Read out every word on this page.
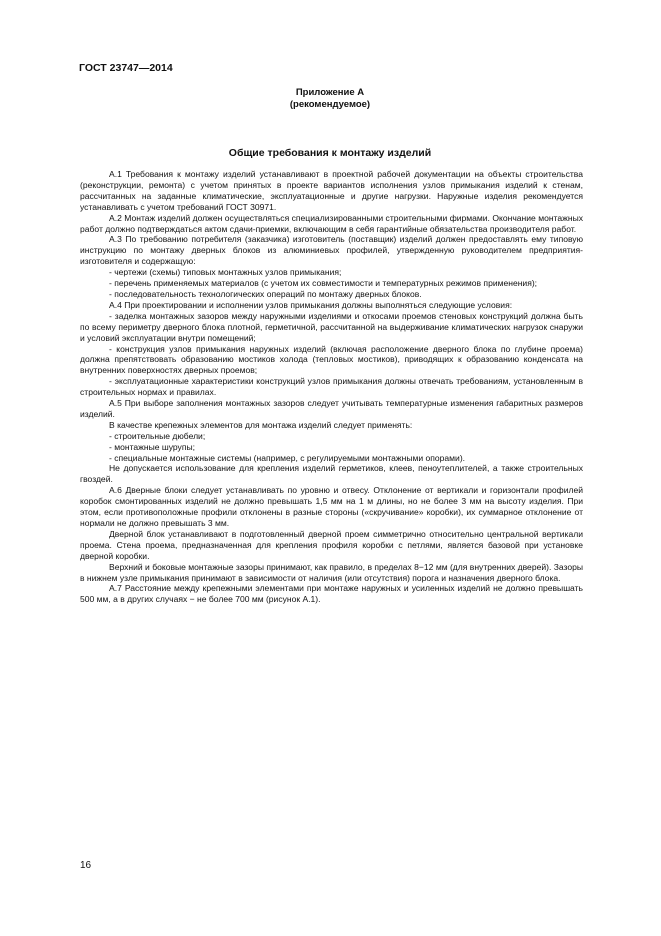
ГОСТ 23747—2014
Приложение А
(рекомендуемое)
Общие требования к монтажу изделий

А.1 Требования к монтажу изделий устанавливают в проектной рабочей документации на объекты строительства (реконструкции, ремонта) с учетом принятых в проекте вариантов исполнения узлов примыкания изделий к стенам, рассчитанных на заданные климатические, эксплуатационные и другие нагрузки. Наружные изделия рекомендуется устанавливать с учетом требований ГОСТ 30971.

А.2 Монтаж изделий должен осуществляться специализированными строительными фирмами. Окончание монтажных работ должно подтверждаться актом сдачи-приемки, включающим в себя гарантийные обязательства производителя работ.

А.3 По требованию потребителя (заказчика) изготовитель (поставщик) изделий должен предоставлять ему типовую инструкцию по монтажу дверных блоков из алюминиевых профилей, утвержденную руководителем предприятия-изготовителя и содержащую:

- чертежи (схемы) типовых монтажных узлов примыкания;

- перечень применяемых материалов (с учетом их совместимости и температурных режимов применения);

- последовательность технологических операций по монтажу дверных блоков.

А.4 При проектировании и исполнении узлов примыкания должны выполняться следующие условия:

- заделка монтажных зазоров между наружными изделиями и откосами проемов стеновых конструкций должна быть по всему периметру дверного блока плотной, герметичной, рассчитанной на выдерживание климатических нагрузок снаружи и условий эксплуатации внутри помещений;

- конструкция узлов примыкания наружных изделий (включая расположение дверного блока по глубине проема) должна препятствовать образованию мостиков холода (тепловых мостиков), приводящих к образованию конденсата на внутренних поверхностях дверных проемов;

- эксплуатационные характеристики конструкций узлов примыкания должны отвечать требованиям, установленным в строительных нормах и правилах.

А.5 При выборе заполнения монтажных зазоров следует учитывать температурные изменения габаритных размеров изделий.

В качестве крепежных элементов для монтажа изделий следует применять:

- строительные дюбели;

- монтажные шурупы;

- специальные монтажные системы (например, с регулируемыми монтажными опорами).

Не допускается использование для крепления изделий герметиков, клеев, пеноутеплителей, а также строительных гвоздей.

А.6 Дверные блоки следует устанавливать по уровню и отвесу. Отклонение от вертикали и горизонтали профилей коробок смонтированных изделий не должно превышать 1,5 мм на 1 м длины, но не более 3 мм на высоту изделия. При этом, если противоположные профили отклонены в разные стороны («скручивание» коробки), их суммарное отклонение от нормали не должно превышать 3 мм.

Дверной блок устанавливают в подготовленный дверной проем симметрично относительно центральной вертикали проема. Стена проема, предназначенная для крепления профиля коробки с петлями, является базовой при установке дверной коробки.

Верхний и боковые монтажные зазоры принимают, как правило, в пределах 8−12 мм (для внутренних дверей). Зазоры в нижнем узле примыкания принимают в зависимости от наличия (или отсутствия) порога и назначения дверного блока.

А.7 Расстояние между крепежными элементами при монтаже наружных и усиленных изделий не должно превышать 500 мм, а в других случаях − не более 700 мм (рисунок А.1).

16
